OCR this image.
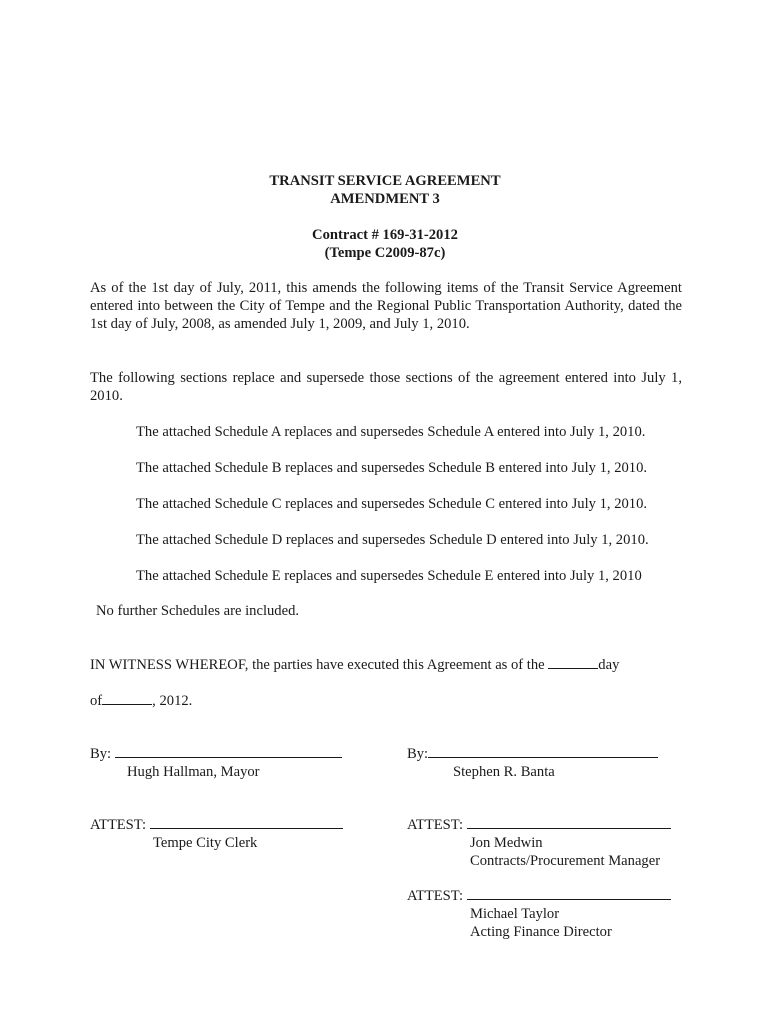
TRANSIT SERVICE AGREEMENT
AMENDMENT 3
Contract # 169-31-2012
(Tempe C2009-87c)
As of the 1st day of July, 2011, this amends the following items of the Transit Service Agreement entered into between the City of Tempe and the Regional Public Transportation Authority, dated the 1st day of July, 2008, as amended July 1, 2009, and July 1, 2010.
The following sections replace and supersede those sections of the agreement entered into July 1, 2010.
The attached Schedule A replaces and supersedes Schedule A entered into July 1, 2010.
The attached Schedule B replaces and supersedes Schedule B entered into July 1, 2010.
The attached Schedule C replaces and supersedes Schedule C entered into July 1, 2010.
The attached Schedule D replaces and supersedes Schedule D entered into July 1, 2010.
The attached Schedule E replaces and supersedes Schedule E entered into July 1, 2010
No further Schedules are included.
IN WITNESS WHEREOF, the parties have executed this Agreement as of the	day
of	, 2012.
By:
Hugh Hallman, Mayor
By:
Stephen R. Banta
ATTEST:
Tempe City Clerk
ATTEST:
Jon Medwin
Contracts/Procurement Manager
ATTEST:
Michael Taylor
Acting Finance Director
